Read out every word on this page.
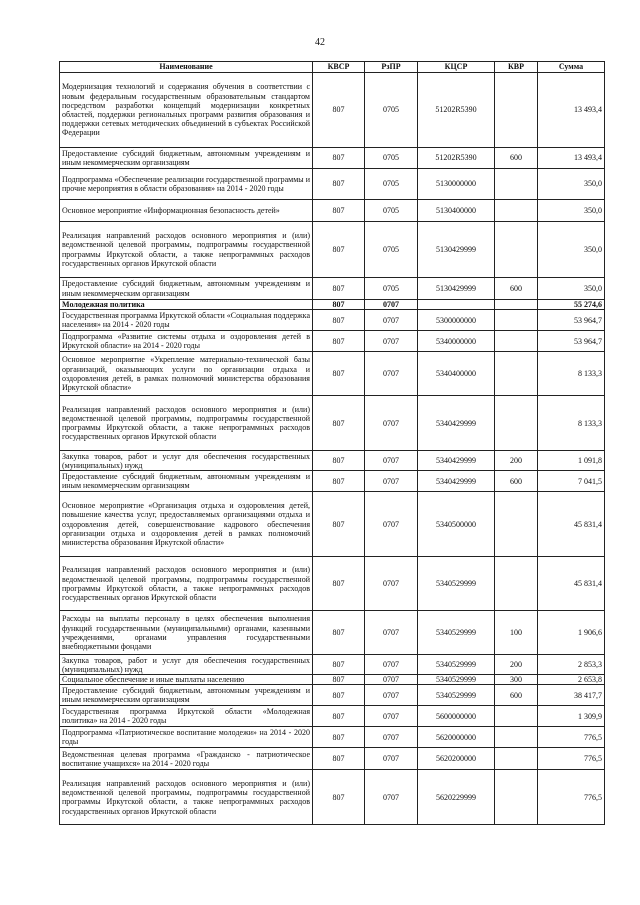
42
Наименование	КВСР	РзПР	КЦСР	КВР	Сумма
Модернизация технологий и содержания обучения в соответствии с новым федеральным государственным образовательным стандартом посредством разработки концепций модернизации конкретных областей, поддержки региональных программ развития образования и поддержки сетевых методических объединений в субъектах Российской Федерации	807	0705	51202R5390		13 493,4
Предоставление субсидий бюджетным, автономным учреждениям и иным некоммерческим организациям	807	0705	51202R5390	600	13 493,4
Подпрограмма «Обеспечение реализации государственной программы и прочие мероприятия в области образования» на 2014 - 2020 годы	807	0705	5130000000		350,0
Основное мероприятие «Информационная безопасность детей»	807	0705	5130400000		350,0
Реализация направлений расходов основного мероприятия и (или) ведомственной целевой программы, подпрограммы государственной программы Иркутской области, а также непрограммных расходов государственных органов Иркутской области	807	0705	5130429999		350,0
Предоставление субсидий бюджетным, автономным учреждениям и иным некоммерческим организациям	807	0705	5130429999	600	350,0
Молодежная политика	807	0707			55 274,6
Государственная программа Иркутской области «Социальная поддержка населения» на 2014 - 2020 годы	807	0707	5300000000		53 964,7
Подпрограмма «Развитие системы отдыха и оздоровления детей в Иркутской области» на 2014 - 2020 годы	807	0707	5340000000		53 964,7
Основное мероприятие «Укрепление материально-технической базы организаций, оказывающих услуги по организации отдыха и оздоровления детей, в рамках полномочий министерства образования Иркутской области»	807	0707	5340400000		8 133,3
Реализация направлений расходов основного мероприятия и (или) ведомственной целевой программы, подпрограммы государственной программы Иркутской области, а также непрограммных расходов государственных органов Иркутской области	807	0707	5340429999		8 133,3
Закупка товаров, работ и услуг для обеспечения государственных (муниципальных) нужд	807	0707	5340429999	200	1 091,8
Предоставление субсидий бюджетным, автономным учреждениям и иным некоммерческим организациям	807	0707	5340429999	600	7 041,5
Основное мероприятие «Организация отдыха и оздоровления детей, повышение качества услуг, предоставляемых организациями отдыха и оздоровления детей, совершенствование кадрового обеспечения организации отдыха и оздоровления детей в рамках полномочий министерства образования Иркутской области»	807	0707	5340500000		45 831,4
Реализация направлений расходов основного мероприятия и (или) ведомственной целевой программы, подпрограммы государственной программы Иркутской области, а также непрограммных расходов государственных органов Иркутской области	807	0707	5340529999		45 831,4
Расходы на выплаты персоналу в целях обеспечения выполнения функций государственными (муниципальными) органами, казенными учреждениями, органами управления государственными внебюджетными фондами	807	0707	5340529999	100	1 906,6
Закупка товаров, работ и услуг для обеспечения государственных (муниципальных) нужд	807	0707	5340529999	200	2 853,3
Социальное обеспечение и иные выплаты населению	807	0707	5340529999	300	2 653,8
Предоставление субсидий бюджетным, автономным учреждениям и иным некоммерческим организациям	807	0707	5340529999	600	38 417,7
Государственная программа Иркутской области «Молодежная политика» на 2014 - 2020 годы	807	0707	5600000000		1 309,9
Подпрограмма «Патриотическое воспитание молодежи» на 2014 - 2020 годы	807	0707	5620000000		776,5
Ведомственная целевая программа «Гражданско - патриотическое воспитание учащихся» на 2014 - 2020 годы	807	0707	5620200000		776,5
Реализация направлений расходов основного мероприятия и (или) ведомственной целевой программы, подпрограммы государственной программы Иркутской области, а также непрограммных расходов государственных органов Иркутской области	807	0707	5620229999		776,5
